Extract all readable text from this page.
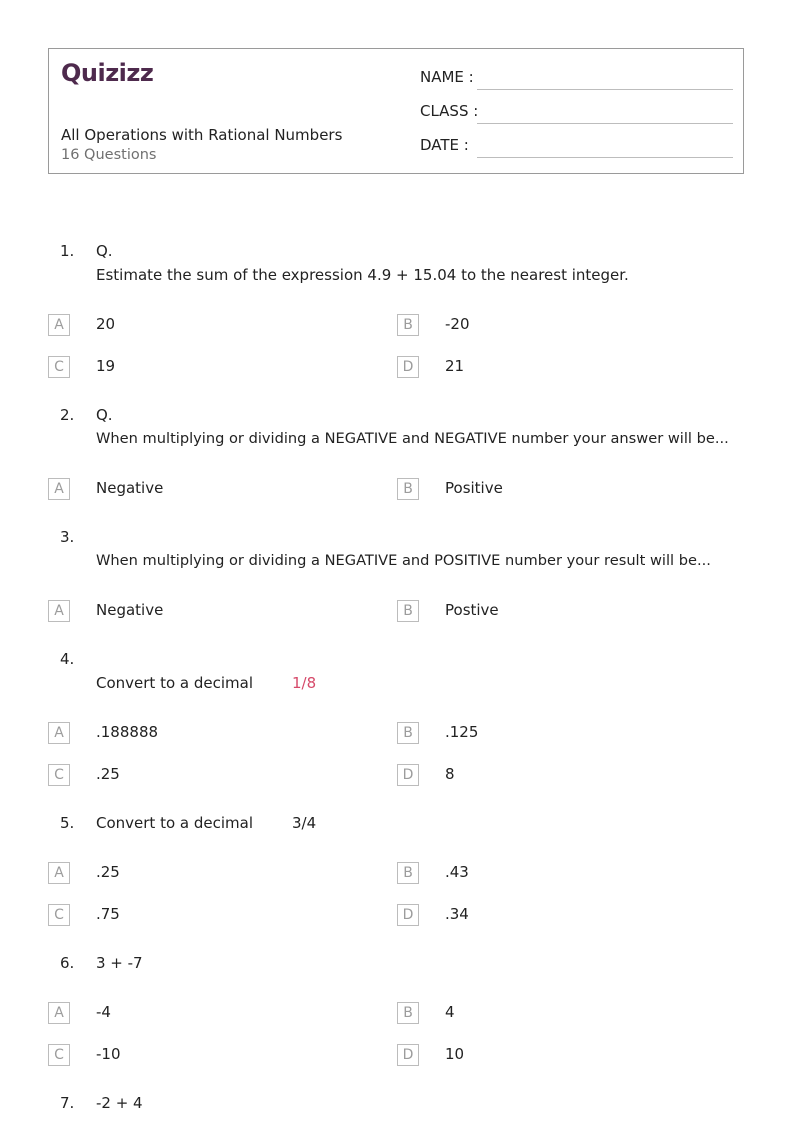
Quizizz
All Operations with Rational Numbers
16 Questions
NAME :
CLASS :
DATE :
1. Q.
Estimate the sum of the expression 4.9 + 15.04 to the nearest integer.
A	20	B	-20
C	19	D	21
2. Q.
When multiplying or dividing a NEGATIVE and NEGATIVE number your answer will be...
A	Negative	B	Positive
3.
When multiplying or dividing a NEGATIVE and POSITIVE number your result will be...
A	Negative	B	Postive
4.
Convert to a decimal	1/8
A	.188888	B	.125
C	.25	D	8
5. Convert to a decimal	3/4
A	.25	B	.43
C	.75	D	.34
6. 3 + -7
A	-4	B	4
C	-10	D	10
7. -2 + 4
